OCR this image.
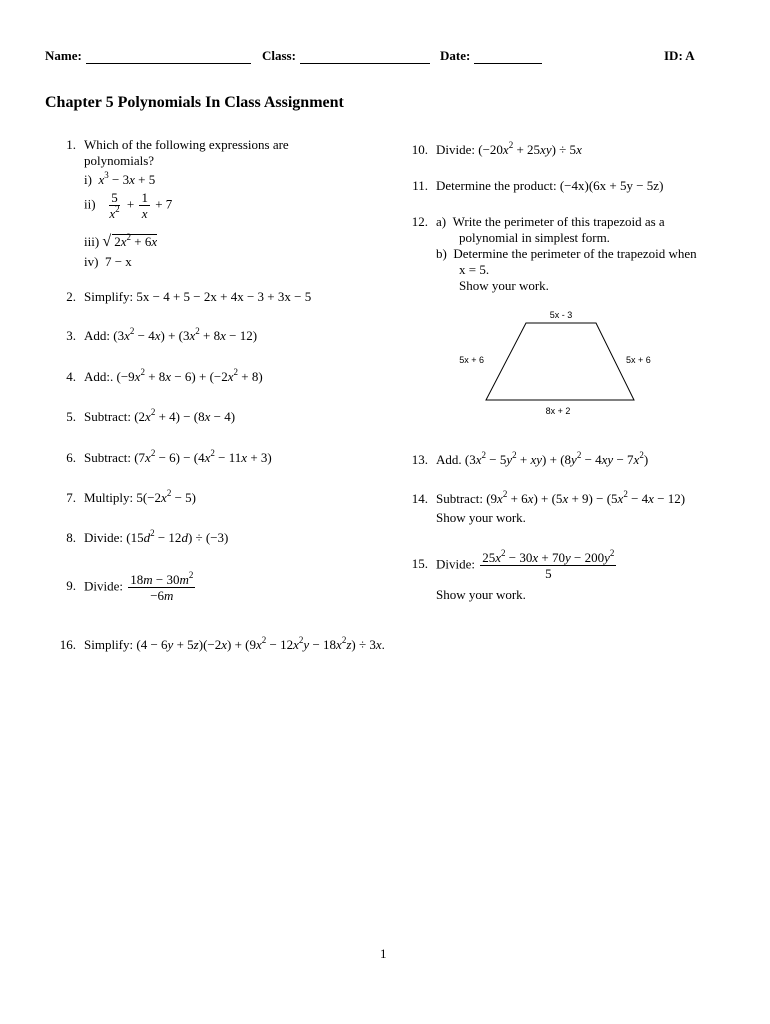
Name:	Class:	Date:	ID: A
Chapter 5 Polynomials In Class Assignment
1. Which of the following expressions are
polynomials?
i) $x^3 - 3x + 5$
$ii) \frac{5}{x^2} + \frac{1}{x} + 7$
iii) √ $2x^2 + 6x$
iv) 7 − x
2. Simplify: 5x − 4 + 5 − 2x + 4x − 3 + 3x − 5
3. Add: $(3x^2 - 4x) + (3x^2 + 8x - 12)$
4. Add:. $(-9x^2 + 8x - 6) + (-2x^2 + 8)$
5. Subtract: $(2x^2 + 4) - (8x - 4)$
6. Subtract: $(7x^2 - 6) - (4x^2 - 11x + 3)$
7. Multiply: $5(-2x^2 - 5)$
8. Divide: $(15d^2 - 12d) \div (-3)$
9. Divide: $\frac{18m - 30m^2}{-6m}$
16. Simplify: $(4 - 6y + 5z)(-2x) + (9x^2 - 12x^2y - 18x^2z) \div 3x$.
10. Divide: $(-20x^2 + 25xy) \div 5x$
11. Determine the product: (−4x)(6x + 5y − 5z)
12. a) Write the perimeter of this trapezoid as a
polynomial in simplest form.
b) Determine the perimeter of the trapezoid when
x = 5.
Show your work.
5x - 3
5x + 6	5x + 6
8x + 2
13. Add. $(3x^2 - 5y^2 + xy) + (8y^2 - 4xy - 7x^2)$
14. Subtract: $(9x^2 + 6x) + (5x + 9) - (5x^2 - 4x - 12)$
Show your work.
15. Divide: $\frac{25x^2 - 30x + 70y - 200y^2}{5}$
Show your work.
1
